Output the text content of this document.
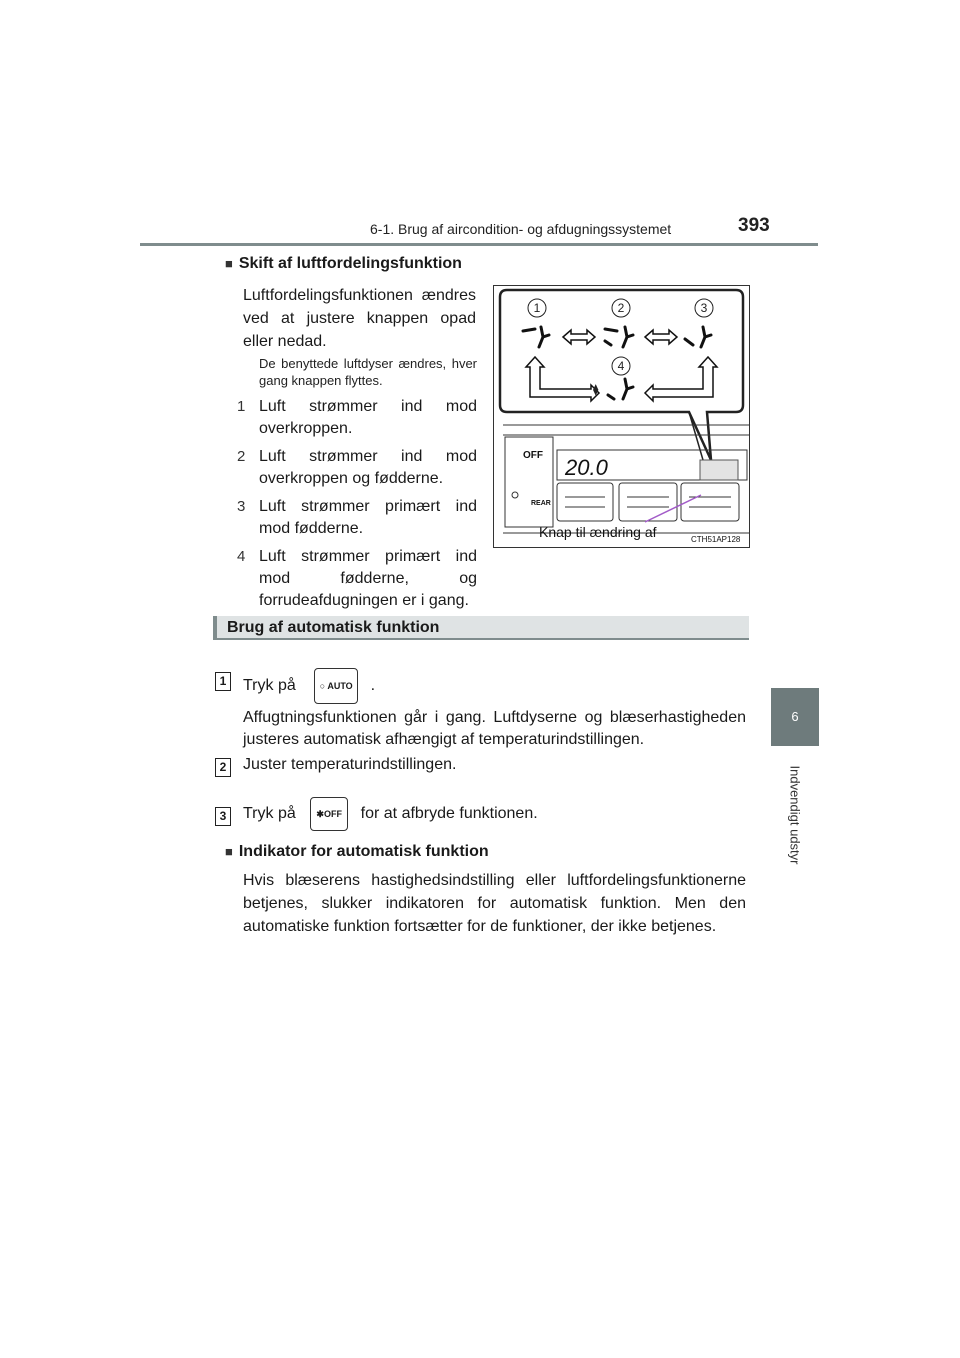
6-1. Brug af aircondition- og afdugningssystemet	393
6
Indvendigt udstyr
■ Skift af luftfordelingsfunktion
Luftfordelingsfunktionen ændres ved at justere knappen opad eller nedad.
De benyttede luftdyser ændres, hver gang knappen flyttes.
1 Luft strømmer ind mod overkroppen.
2 Luft strømmer ind mod overkroppen og fødderne.
3 Luft strømmer primært ind mod fødderne.
4 Luft strømmer primært ind mod fødderne, og forrudeafdugningen er i gang.
1	2	3
4
⧫
OFF 20.0
REAR
Knap til ændring af	CTH51AP128
Brug af automatisk funktion
1 Tryk på	○ AUTO .
Affugtningsfunktionen går i gang. Luftdyserne og blæserhastigheden justeres automatisk afhængigt af temperaturindstillingen.
2 Juster temperaturindstillingen.
3 Tryk på ✱OFF for at afbryde funktionen.
■ Indikator for automatisk funktion
Hvis blæserens hastighedsindstilling eller luftfordelingsfunktionerne betjenes, slukker indikatoren for automatisk funktion. Men den automatiske funktion fortsætter for de funktioner, der ikke betjenes.
